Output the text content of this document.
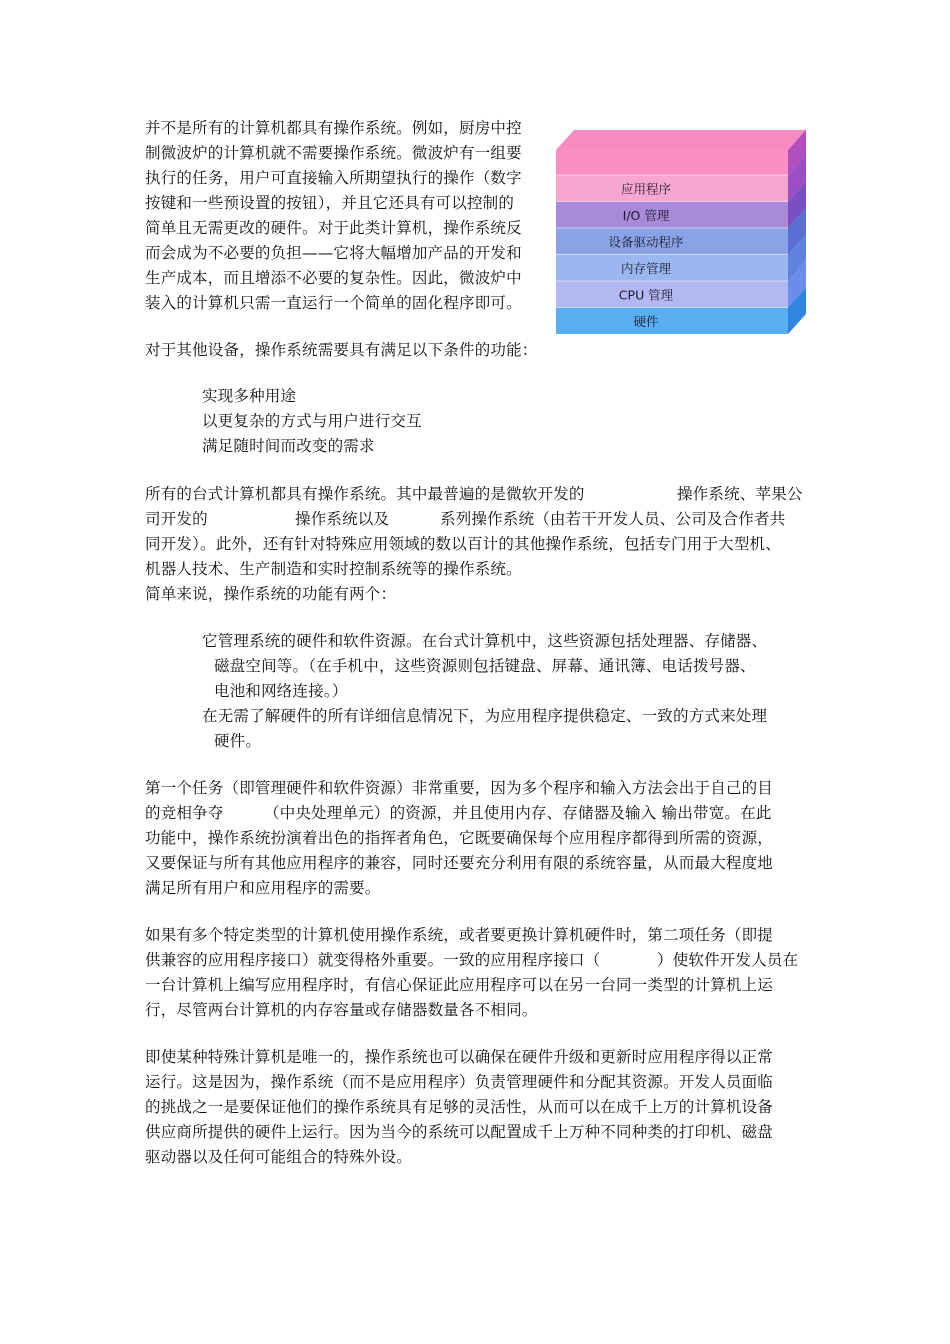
并不是所有的计算机都具有操作系统。例如，厨房中控
制微波炉的计算机就不需要操作系统。微波炉有一组要
执行的任务，用户可直接输入所期望执行的操作（数字
按键和一些预设置的按钮），并且它还具有可以控制的
简单且无需更改的硬件。对于此类计算机，操作系统反
而会成为不必要的负担——它将大幅增加产品的开发和
生产成本，而且增添不必要的复杂性。因此，微波炉中
装入的计算机只需一直运行一个简单的固化程序即可。
应用程序
I/O 管理
设备驱动程序
内存管理
CPU 管理
硬件
对于其他设备，操作系统需要具有满足以下条件的功能：
实现多种用途
以更复杂的方式与用户进行交互
满足随时间而改变的需求
所有的台式计算机都具有操作系统。其中最普遍的是微软开发的	操作系统、苹果公
司开发的	操作系统以及	系列操作系统（由若干开发人员、公司及合作者共
同开发）。此外，还有针对特殊应用领域的数以百计的其他操作系统，包括专门用于大型机、
机器人技术、生产制造和实时控制系统等的操作系统。
简单来说，操作系统的功能有两个：
它管理系统的硬件和软件资源。在台式计算机中，这些资源包括处理器、存储器、
磁盘空间等。（在手机中，这些资源则包括键盘、屏幕、通讯簿、电话拨号器、
电池和网络连接。）
在无需了解硬件的所有详细信息情况下，为应用程序提供稳定、一致的方式来处理
硬件。
第一个任务（即管理硬件和软件资源）非常重要，因为多个程序和输入方法会出于自己的目
的竞相争夺	（中央处理单元）的资源，并且使用内存、存储器及输入 输出带宽。在此
功能中，操作系统扮演着出色的指挥者角色，它既要确保每个应用程序都得到所需的资源，
又要保证与所有其他应用程序的兼容，同时还要充分利用有限的系统容量，从而最大程度地
满足所有用户和应用程序的需要。
如果有多个特定类型的计算机使用操作系统，或者要更换计算机硬件时，第二项任务（即提
供兼容的应用程序接口）就变得格外重要。一致的应用程序接口（	）使软件开发人员在
一台计算机上编写应用程序时，有信心保证此应用程序可以在另一台同一类型的计算机上运
行，尽管两台计算机的内存容量或存储器数量各不相同。
即使某种特殊计算机是唯一的，操作系统也可以确保在硬件升级和更新时应用程序得以正常
运行。这是因为，操作系统（而不是应用程序）负责管理硬件和分配其资源。开发人员面临
的挑战之一是要保证他们的操作系统具有足够的灵活性，从而可以在成千上万的计算机设备
供应商所提供的硬件上运行。因为当今的系统可以配置成千上万种不同种类的打印机、磁盘
驱动器以及任何可能组合的特殊外设。
